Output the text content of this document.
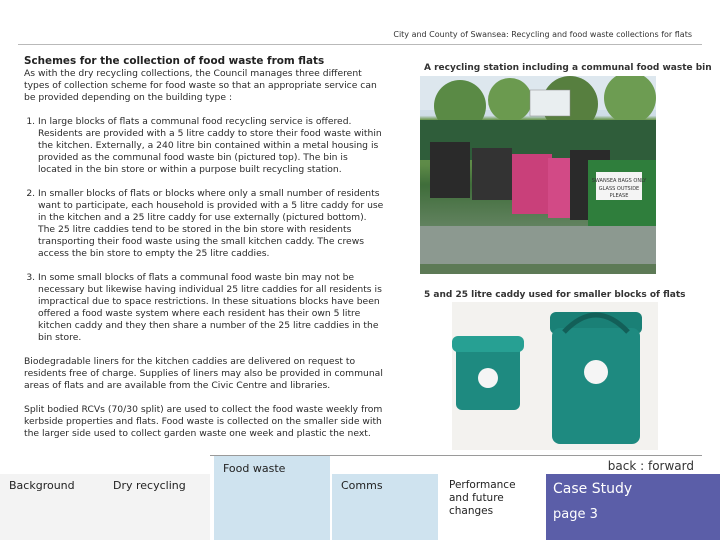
City and County of Swansea: Recycling and food waste collections for flats
Schemes for the collection of food waste from flats

As with the dry recycling collections, the Council manages three different types of collection scheme for food waste so that an appropriate service can be provided depending on the building type :

1. In large blocks of flats a communal food recycling service is offered. Residents are provided with a 5 litre caddy to store their food waste within the kitchen. Externally, a 240 litre bin contained within a metal housing is provided as the communal food waste bin (pictured top). The bin is located in the bin store or within a purpose built recycling station.
2. In smaller blocks of flats or blocks where only a small number of residents want to participate, each household is provided with a 5 litre caddy for use in the kitchen and a 25 litre caddy for use externally (pictured bottom). The 25 litre caddies tend to be stored in the bin store with residents transporting their food waste using the small kitchen caddy. The crews access the bin store to empty the 25 litre caddies.
3. In some small blocks of flats a communal food waste bin may not be necessary but likewise having individual 25 litre caddies for all residents is impractical due to space restrictions. In these situations blocks have been offered a food waste system where each resident has their own 5 litre kitchen caddy and they then share a number of the 25 litre caddies in the bin store.

Biodegradable liners for the kitchen caddies are delivered on request to residents free of charge. Supplies of liners may also be provided in communal areas of flats and are available from the Civic Centre and libraries.

Split bodied RCVs (70/30 split) are used to collect the food waste weekly from kerbside properties and flats. Food waste is collected on the smaller side with the larger side used to collect garden waste one week and plastic the next.

A recycling station including a communal food waste bin
SWANSEA BAGS ONLY
GLASS OUTSIDE
PLEASE
5 and 25 litre caddy used for smaller blocks of flats
back : forward
Background	Dry recycling
Food waste
Comms	Performance and future changes
Case Study
page 3
